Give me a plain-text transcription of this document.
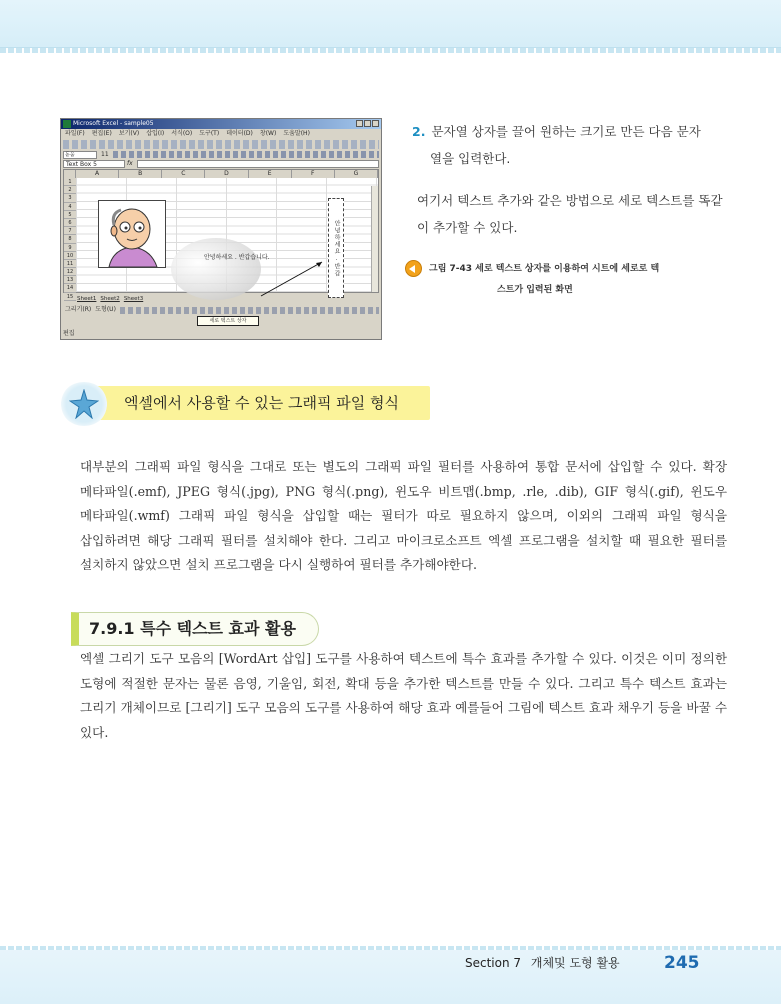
Microsoft Excel - sample05
파일(F) 편집(E) 보기(V) 삽입(I) 서식(O) 도구(T) 데이터(D) 창(W) 도움말(H)
돋움	11
Text Box 5	fx
A	B	C	D	E	F	G
1
2
3
4
5
6
7
8
9
10
11
12
13
14
15
안녕하세요 . 반갑습니다.	안녕하세요.반갑
Sheet1 Sheet2 Sheet3
그리기(R) 도형(U)
세로 텍스트 상자
편집
2. 문자열 상자를 끌어 원하는 크기로 만든 다음 문자
열을 입력한다.
여기서 텍스트 추가와 같은 방법으로 세로 텍스트를 똑같이 추가할 수 있다.
그림 7-43 세로 텍스트 상자를 이용하여 시트에 세로로 텍
스트가 입력된 화면
엑셀에서 사용할 수 있는 그래픽 파일 형식
대부분의 그래픽 파일 형식을 그대로 또는 별도의 그래픽 파일 필터를 사용하여 통합 문서에 삽입할 수 있다. 확장 메타파일(.emf), JPEG 형식(.jpg), PNG 형식(.png), 윈도우 비트맵(.bmp, .rle, .dib), GIF 형식(.gif), 윈도우 메타파일(.wmf) 그래픽 파일 형식을 삽입할 때는 필터가 따로 필요하지 않으며, 이외의 그래픽 파일 형식을 삽입하려면 해당 그래픽 필터를 설치해야 한다. 그리고 마이크로소프트 엑셀 프로그램을 설치할 때 필요한 필터를 설치하지 않았으면 설치 프로그램을 다시 실행하여 필터를 추가해야한다.
7.9.1 특수 텍스트 효과 활용
엑셀 그리기 도구 모음의 [WordArt 삽입] 도구를 사용하여 텍스트에 특수 효과를 추가할 수 있다. 이것은 이미 정의한 도형에 적절한 문자는 물론 음영, 기울임, 회전, 확대 등을 추가한 텍스트를 만들 수 있다. 그리고 특수 텍스트 효과는 그리기 개체이므로 [그리기] 도구 모음의 도구를 사용하여 해당 효과 예를들어 그림에 텍스트 효과 채우기 등을 바꿀 수 있다.
Section 7 개체및 도형 활용	245
